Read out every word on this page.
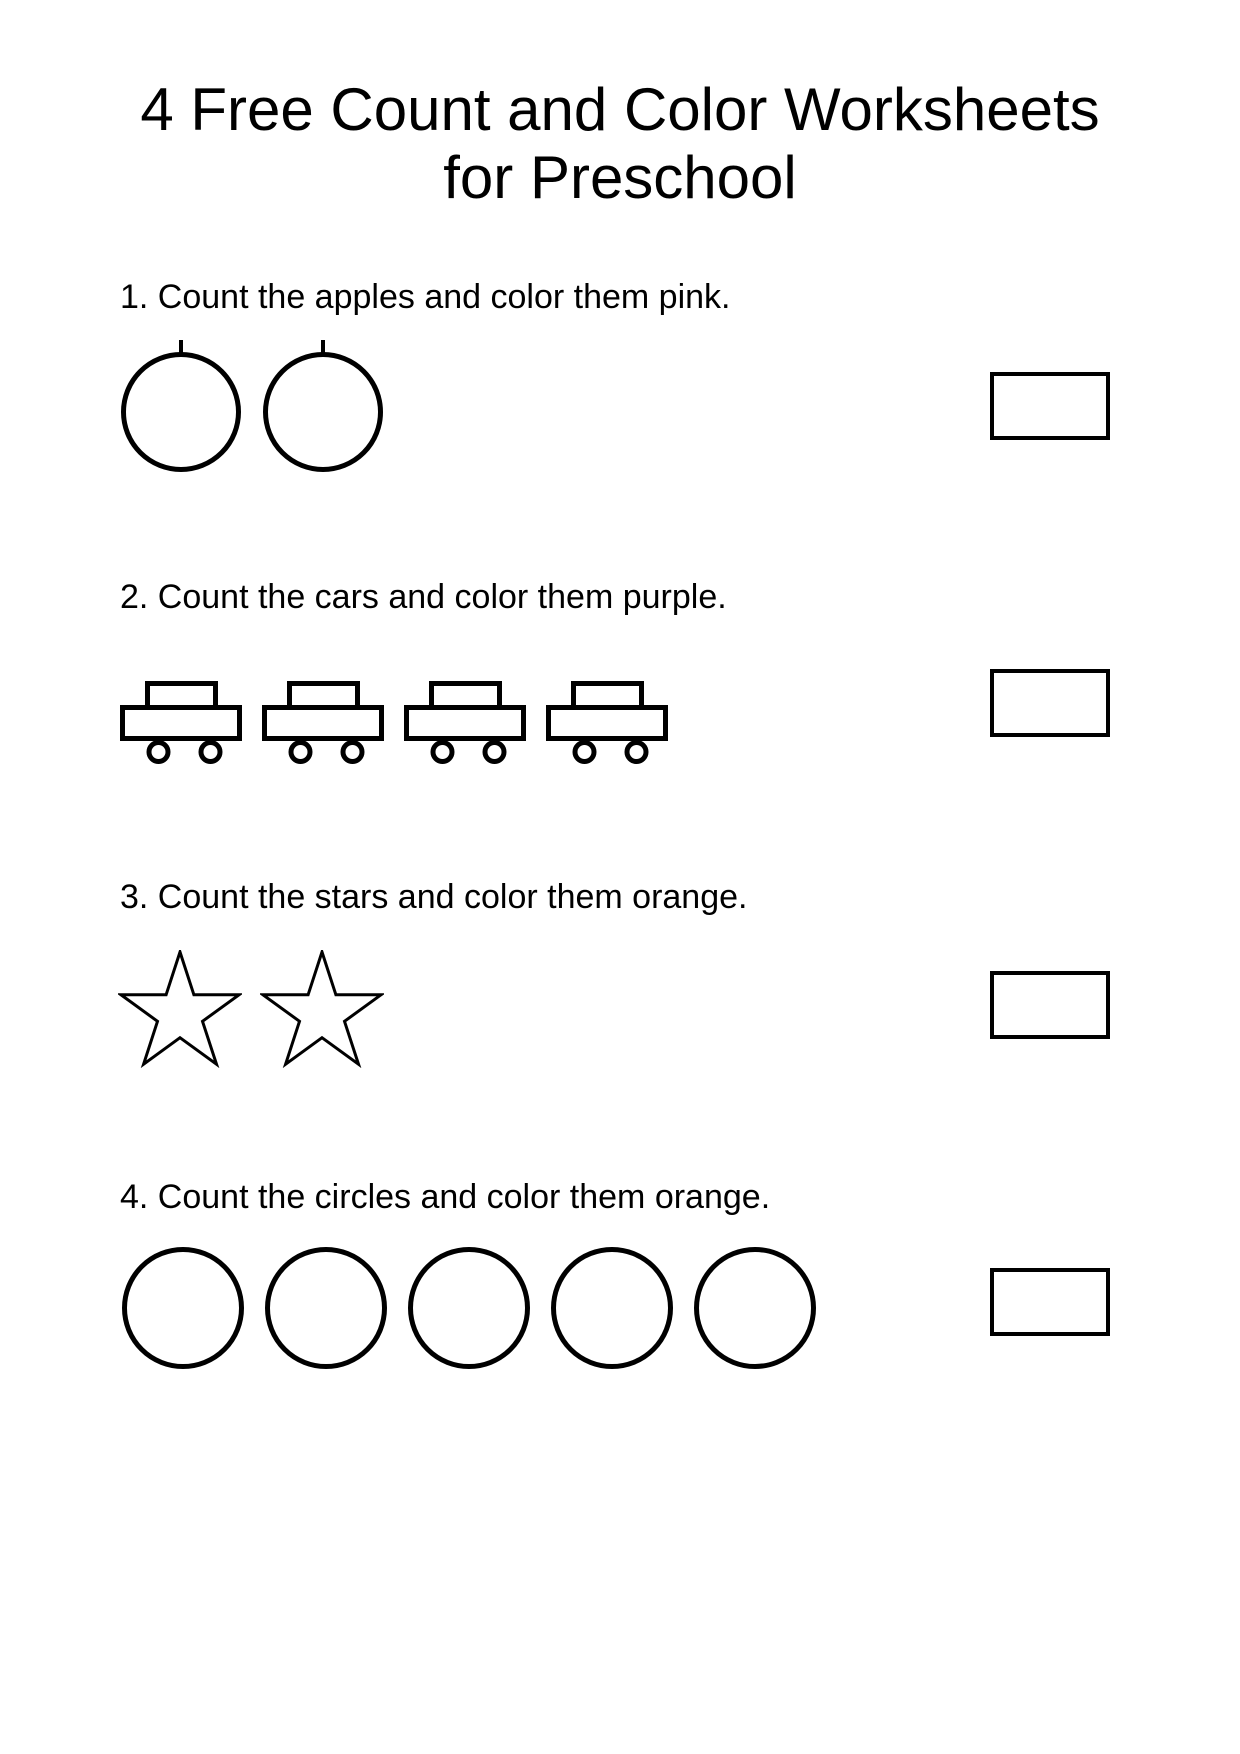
4 Free Count and Color Worksheets
for Preschool

1. Count the apples and color them pink.

2. Count the cars and color them purple.

3. Count the stars and color them orange.

4. Count the circles and color them orange.
